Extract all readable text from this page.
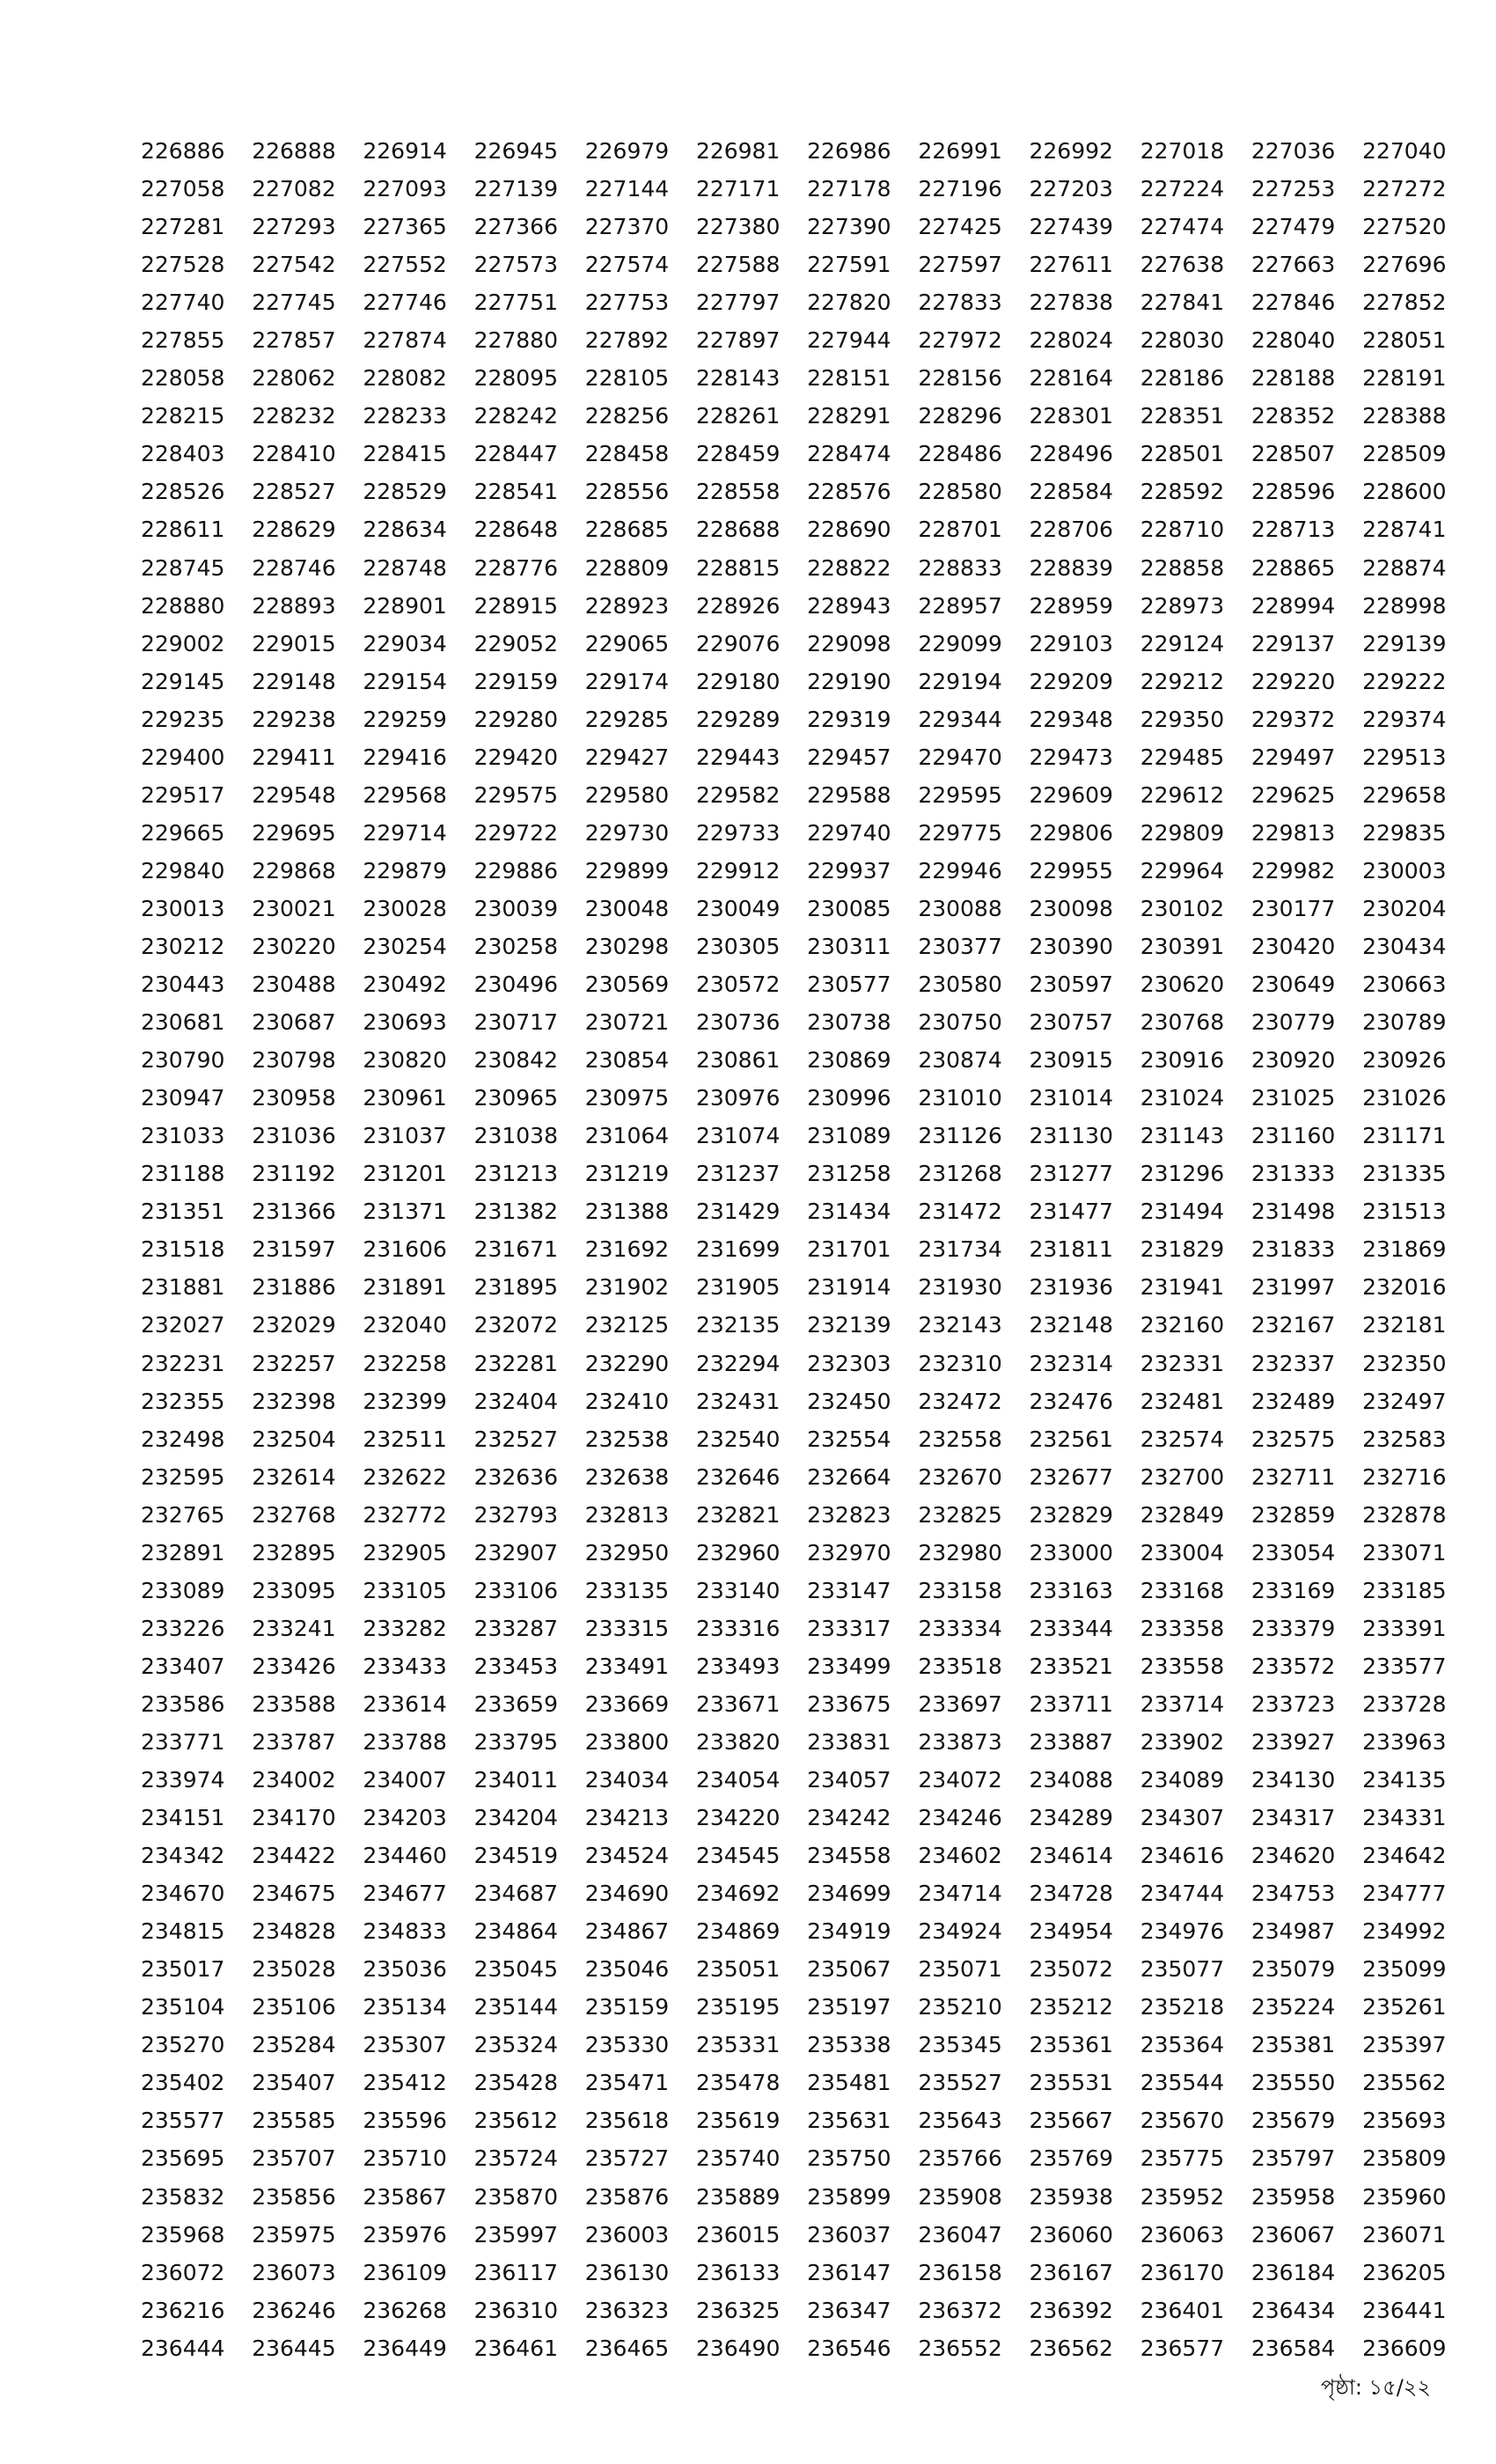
226886	226888	226914	226945	226979	226981	226986	226991	226992	227018	227036	227040
227058	227082	227093	227139	227144	227171	227178	227196	227203	227224	227253	227272
227281	227293	227365	227366	227370	227380	227390	227425	227439	227474	227479	227520
227528	227542	227552	227573	227574	227588	227591	227597	227611	227638	227663	227696
227740	227745	227746	227751	227753	227797	227820	227833	227838	227841	227846	227852
227855	227857	227874	227880	227892	227897	227944	227972	228024	228030	228040	228051
228058	228062	228082	228095	228105	228143	228151	228156	228164	228186	228188	228191
228215	228232	228233	228242	228256	228261	228291	228296	228301	228351	228352	228388
228403	228410	228415	228447	228458	228459	228474	228486	228496	228501	228507	228509
228526	228527	228529	228541	228556	228558	228576	228580	228584	228592	228596	228600
228611	228629	228634	228648	228685	228688	228690	228701	228706	228710	228713	228741
228745	228746	228748	228776	228809	228815	228822	228833	228839	228858	228865	228874
228880	228893	228901	228915	228923	228926	228943	228957	228959	228973	228994	228998
229002	229015	229034	229052	229065	229076	229098	229099	229103	229124	229137	229139
229145	229148	229154	229159	229174	229180	229190	229194	229209	229212	229220	229222
229235	229238	229259	229280	229285	229289	229319	229344	229348	229350	229372	229374
229400	229411	229416	229420	229427	229443	229457	229470	229473	229485	229497	229513
229517	229548	229568	229575	229580	229582	229588	229595	229609	229612	229625	229658
229665	229695	229714	229722	229730	229733	229740	229775	229806	229809	229813	229835
229840	229868	229879	229886	229899	229912	229937	229946	229955	229964	229982	230003
230013	230021	230028	230039	230048	230049	230085	230088	230098	230102	230177	230204
230212	230220	230254	230258	230298	230305	230311	230377	230390	230391	230420	230434
230443	230488	230492	230496	230569	230572	230577	230580	230597	230620	230649	230663
230681	230687	230693	230717	230721	230736	230738	230750	230757	230768	230779	230789
230790	230798	230820	230842	230854	230861	230869	230874	230915	230916	230920	230926
230947	230958	230961	230965	230975	230976	230996	231010	231014	231024	231025	231026
231033	231036	231037	231038	231064	231074	231089	231126	231130	231143	231160	231171
231188	231192	231201	231213	231219	231237	231258	231268	231277	231296	231333	231335
231351	231366	231371	231382	231388	231429	231434	231472	231477	231494	231498	231513
231518	231597	231606	231671	231692	231699	231701	231734	231811	231829	231833	231869
231881	231886	231891	231895	231902	231905	231914	231930	231936	231941	231997	232016
232027	232029	232040	232072	232125	232135	232139	232143	232148	232160	232167	232181
232231	232257	232258	232281	232290	232294	232303	232310	232314	232331	232337	232350
232355	232398	232399	232404	232410	232431	232450	232472	232476	232481	232489	232497
232498	232504	232511	232527	232538	232540	232554	232558	232561	232574	232575	232583
232595	232614	232622	232636	232638	232646	232664	232670	232677	232700	232711	232716
232765	232768	232772	232793	232813	232821	232823	232825	232829	232849	232859	232878
232891	232895	232905	232907	232950	232960	232970	232980	233000	233004	233054	233071
233089	233095	233105	233106	233135	233140	233147	233158	233163	233168	233169	233185
233226	233241	233282	233287	233315	233316	233317	233334	233344	233358	233379	233391
233407	233426	233433	233453	233491	233493	233499	233518	233521	233558	233572	233577
233586	233588	233614	233659	233669	233671	233675	233697	233711	233714	233723	233728
233771	233787	233788	233795	233800	233820	233831	233873	233887	233902	233927	233963
233974	234002	234007	234011	234034	234054	234057	234072	234088	234089	234130	234135
234151	234170	234203	234204	234213	234220	234242	234246	234289	234307	234317	234331
234342	234422	234460	234519	234524	234545	234558	234602	234614	234616	234620	234642
234670	234675	234677	234687	234690	234692	234699	234714	234728	234744	234753	234777
234815	234828	234833	234864	234867	234869	234919	234924	234954	234976	234987	234992
235017	235028	235036	235045	235046	235051	235067	235071	235072	235077	235079	235099
235104	235106	235134	235144	235159	235195	235197	235210	235212	235218	235224	235261
235270	235284	235307	235324	235330	235331	235338	235345	235361	235364	235381	235397
235402	235407	235412	235428	235471	235478	235481	235527	235531	235544	235550	235562
235577	235585	235596	235612	235618	235619	235631	235643	235667	235670	235679	235693
235695	235707	235710	235724	235727	235740	235750	235766	235769	235775	235797	235809
235832	235856	235867	235870	235876	235889	235899	235908	235938	235952	235958	235960
235968	235975	235976	235997	236003	236015	236037	236047	236060	236063	236067	236071
236072	236073	236109	236117	236130	236133	236147	236158	236167	236170	236184	236205
236216	236246	236268	236310	236323	236325	236347	236372	236392	236401	236434	236441
236444	236445	236449	236461	236465	236490	236546	236552	236562	236577	236584	236609
পৃষ্ঠা: ১৫/২২
